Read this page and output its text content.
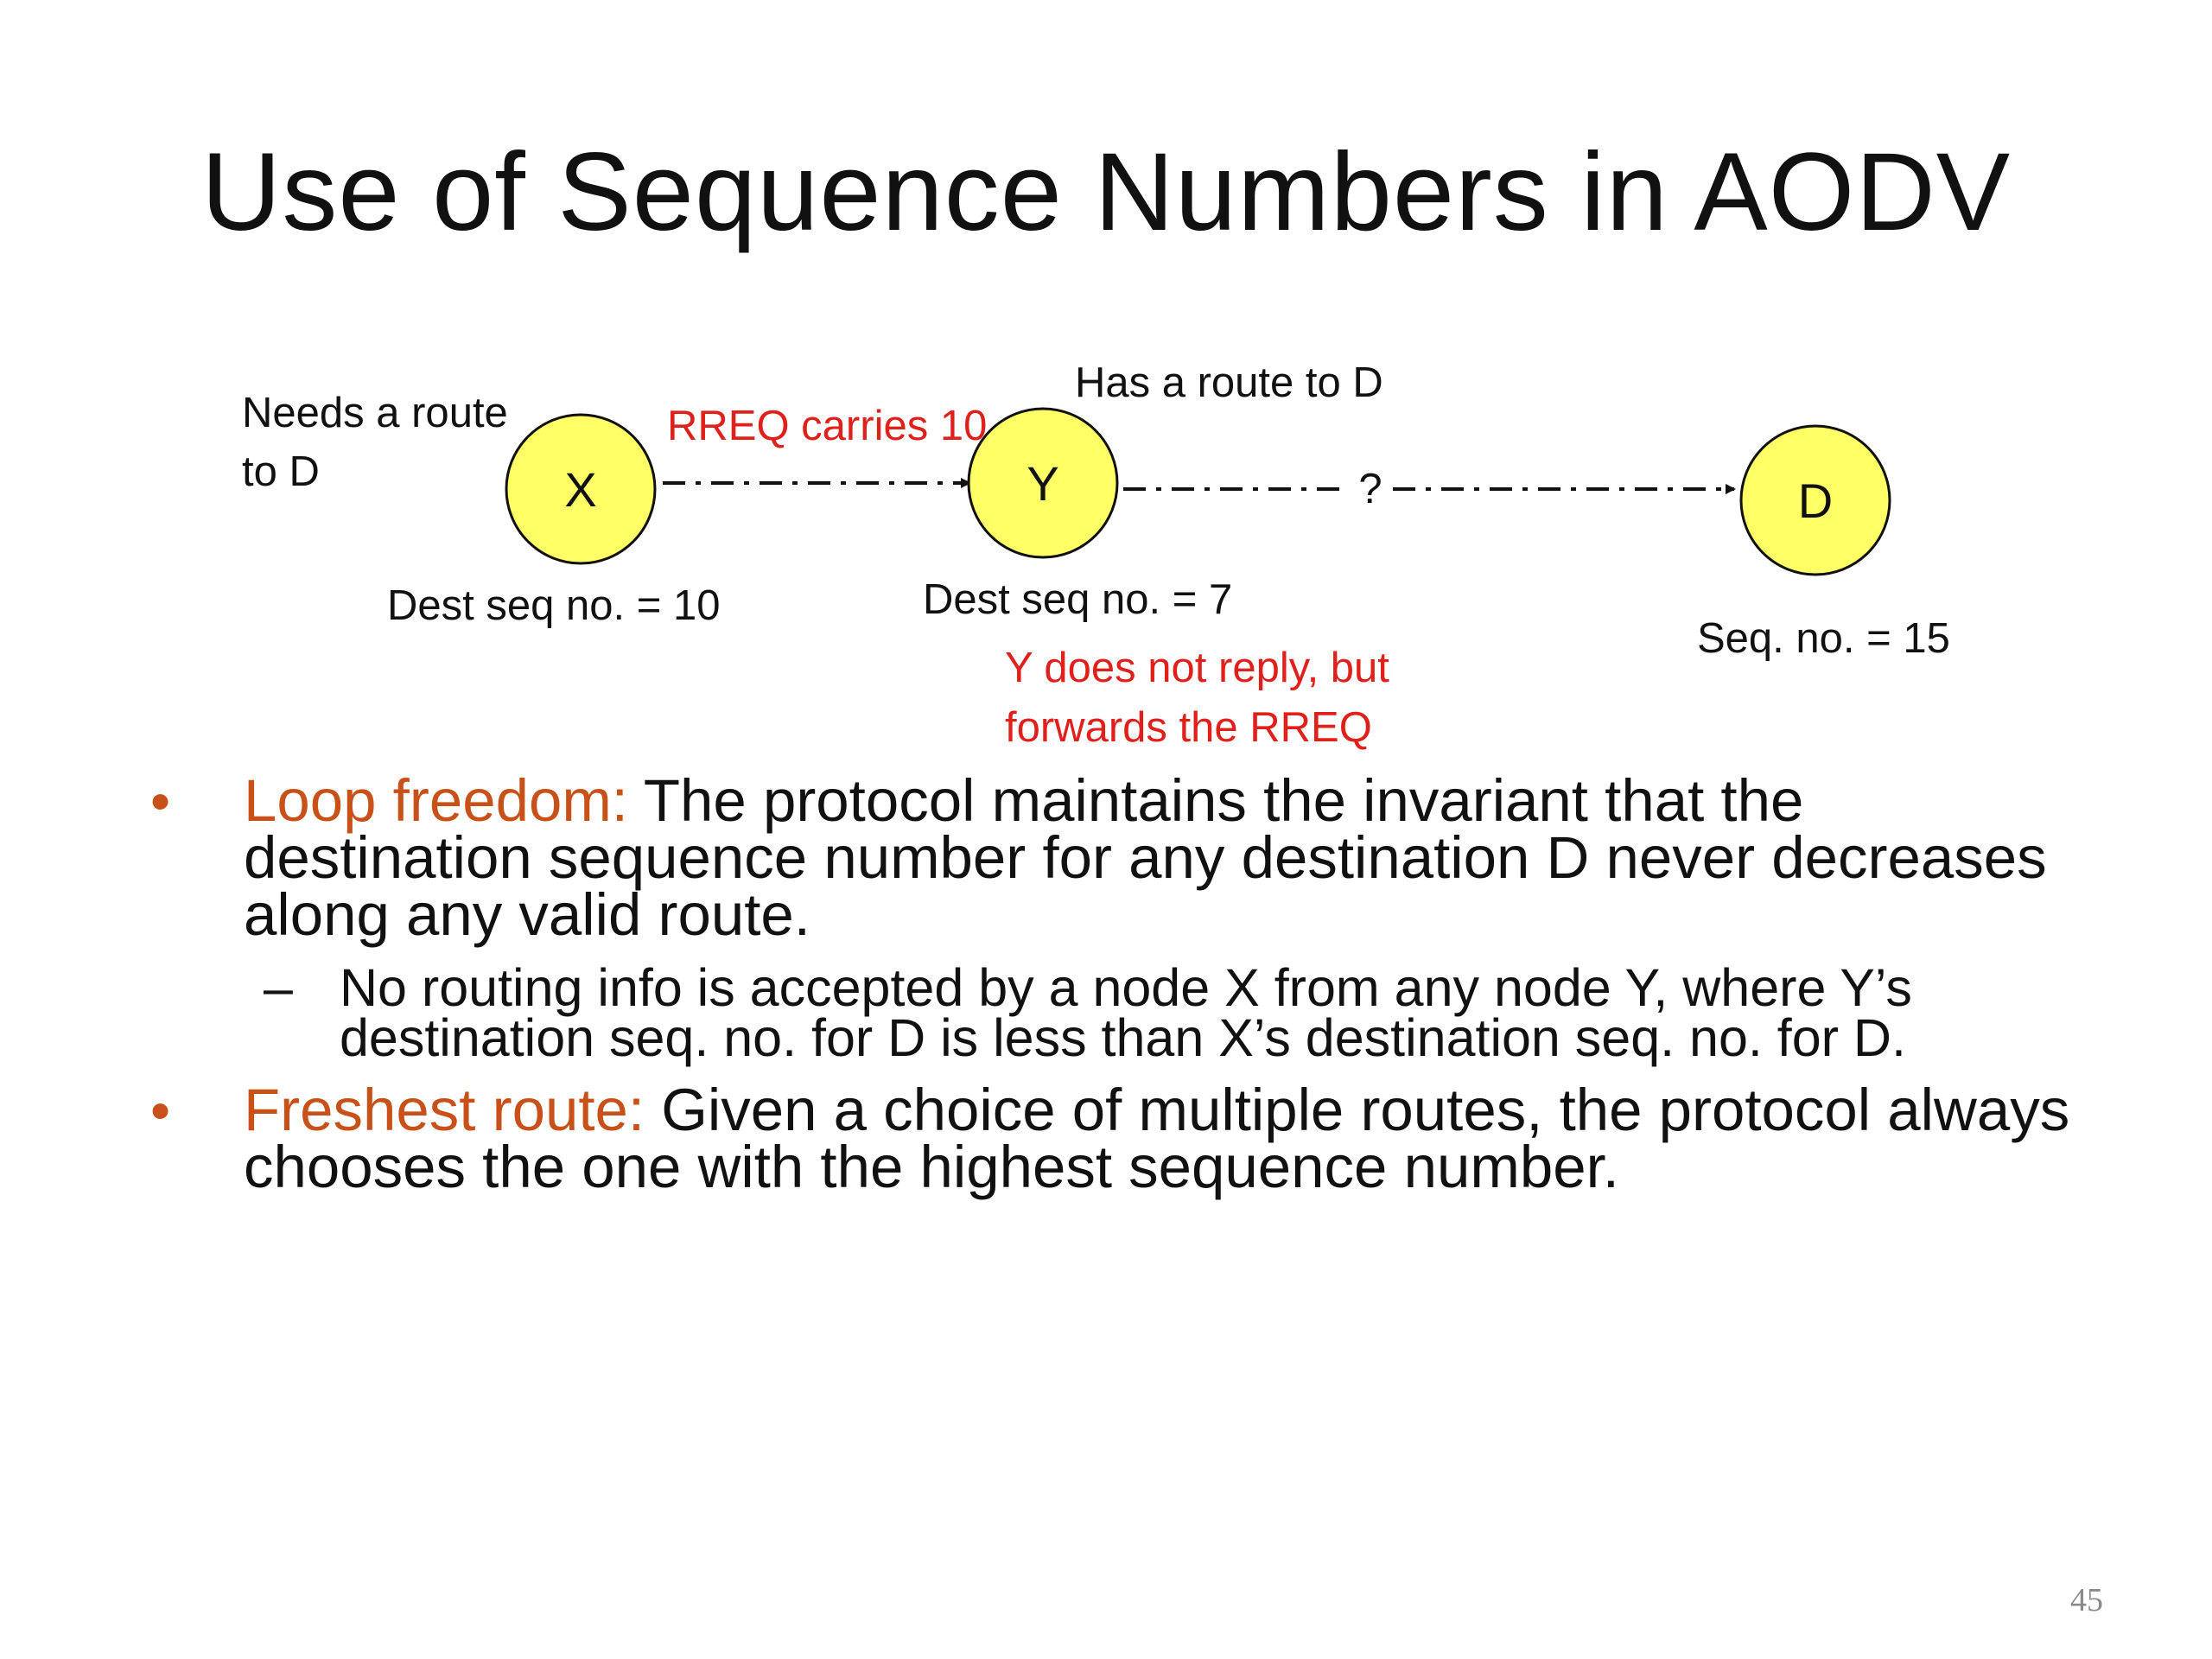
Use of Sequence Numbers in AODV
?
X	Y	D
Needs a route
to D
RREQ carries 10
Has a route to D
Dest seq no. = 10	Dest seq no. = 7
Seq. no. = 15
Y does not reply, but
forwards the RREQ
• Loop freedom: The protocol maintains the invariant that the destination sequence number for any destination D never decreases along any valid route.
– No routing info is accepted by a node X from any node Y, where Y’s destination seq. no. for D is less than X’s destination seq. no. for D.
• Freshest route: Given a choice of multiple routes, the protocol always chooses the one with the highest sequence number.
45
